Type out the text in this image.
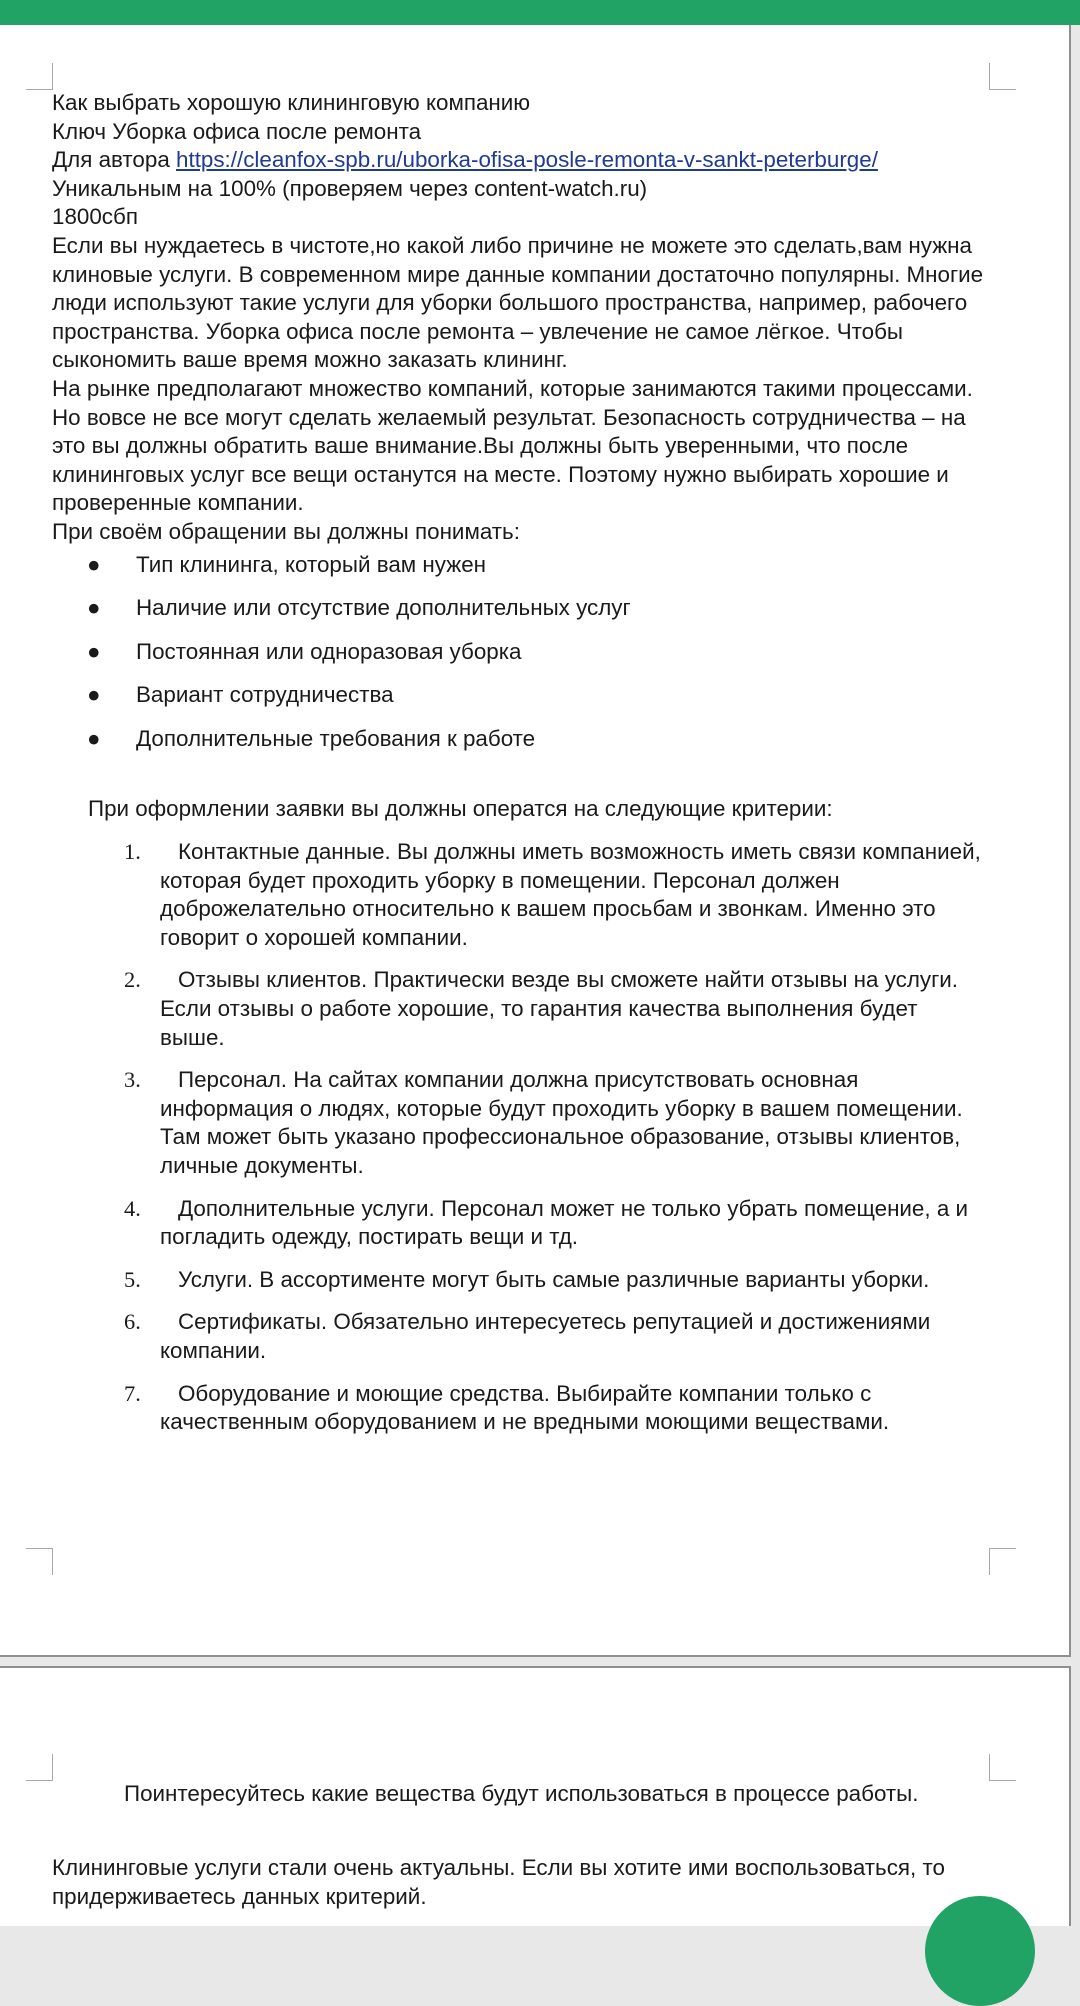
Как выбрать хорошую клининговую компанию

Ключ Уборка офиса после ремонта

Для автора https://cleanfox-spb.ru/uborka-ofisa-posle-remonta-v-sankt-peterburge/

Уникальным на 100% (проверяем через content-watch.ru)

1800сбп

Если вы нуждаетесь в чистоте,но какой либо причине не можете это сделать,вам нужна клиновые услуги. В современном мире данные компании достаточно популярны. Многие люди используют такие услуги для уборки большого пространства, например, рабочего пространства. Уборка офиса после ремонта – увлечение не самое лёгкое. Чтобы сыкономить ваше время можно заказать клининг.

На рынке предполагают множество компаний, которые занимаются такими процессами. Но вовсе не все могут сделать желаемый результат. Безопасность сотрудничества – на это вы должны обратить ваше внимание.Вы должны быть уверенными, что после клининговых услуг все вещи останутся на месте. Поэтому нужно выбирать хорошие и проверенные компании.

При своём обращении вы должны понимать:

● Тип клининга, который вам нужен
● Наличие или отсутствие дополнительных услуг
● Постоянная или одноразовая уборка
● Вариант сотрудничества
● Дополнительные требования к работе

При оформлении заявки вы должны оператся на следующие критерии:

1. Контактные данные. Вы должны иметь возможность иметь связи компанией, которая будет проходить уборку в помещении. Персонал должен доброжелательно относительно к вашем просьбам и звонкам. Именно это говорит о хорошей компании.
2. Отзывы клиентов. Практически везде вы сможете найти отзывы на услуги. Если отзывы о работе хорошие, то гарантия качества выполнения будет выше.
3. Персонал. На сайтах компании должна присутствовать основная информация о людях, которые будут проходить уборку в вашем помещении. Там может быть указано профессиональное образование, отзывы клиентов, личные документы.
4. Дополнительные услуги. Персонал может не только убрать помещение, а и погладить одежду, постирать вещи и тд.
5. Услуги. В ассортименте могут быть самые различные варианты уборки.
6. Сертификаты. Обязательно интересуетесь репутацией и достижениями компании.
7. Оборудование и моющие средства. Выбирайте компании только с качественным оборудованием и не вредными моющими веществами.

Поинтересуйтесь какие вещества будут использоваться в процессе работы.

Клининговые услуги стали очень актуальны. Если вы хотите ими воспользоваться, то придерживаетесь данных критерий.
